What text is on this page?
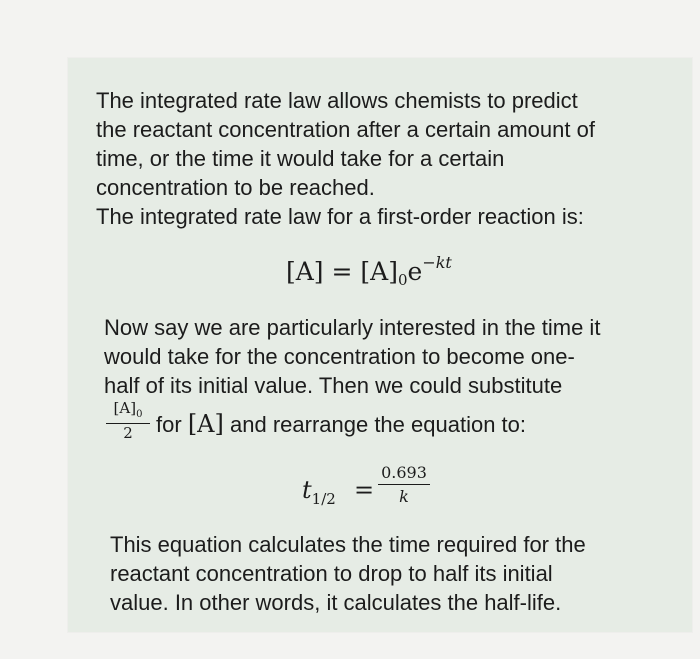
The integrated rate law allows chemists to predict
the reactant concentration after a certain amount of
time, or the time it would take for a certain
concentration to be reached.
The integrated rate law for a first-order reaction is:
$[A] = [A]_0e^{-kt}$
Now say we are particularly interested in the time it
would take for the concentration to become one-
half of its initial value. Then we could substitute
$\frac{[A]_0}{2}$ for [A] and rearrange the equation to:
$t_{1/2} = \frac{0.693}{k}$
This equation calculates the time required for the
reactant concentration to drop to half its initial
value. In other words, it calculates the half-life.
